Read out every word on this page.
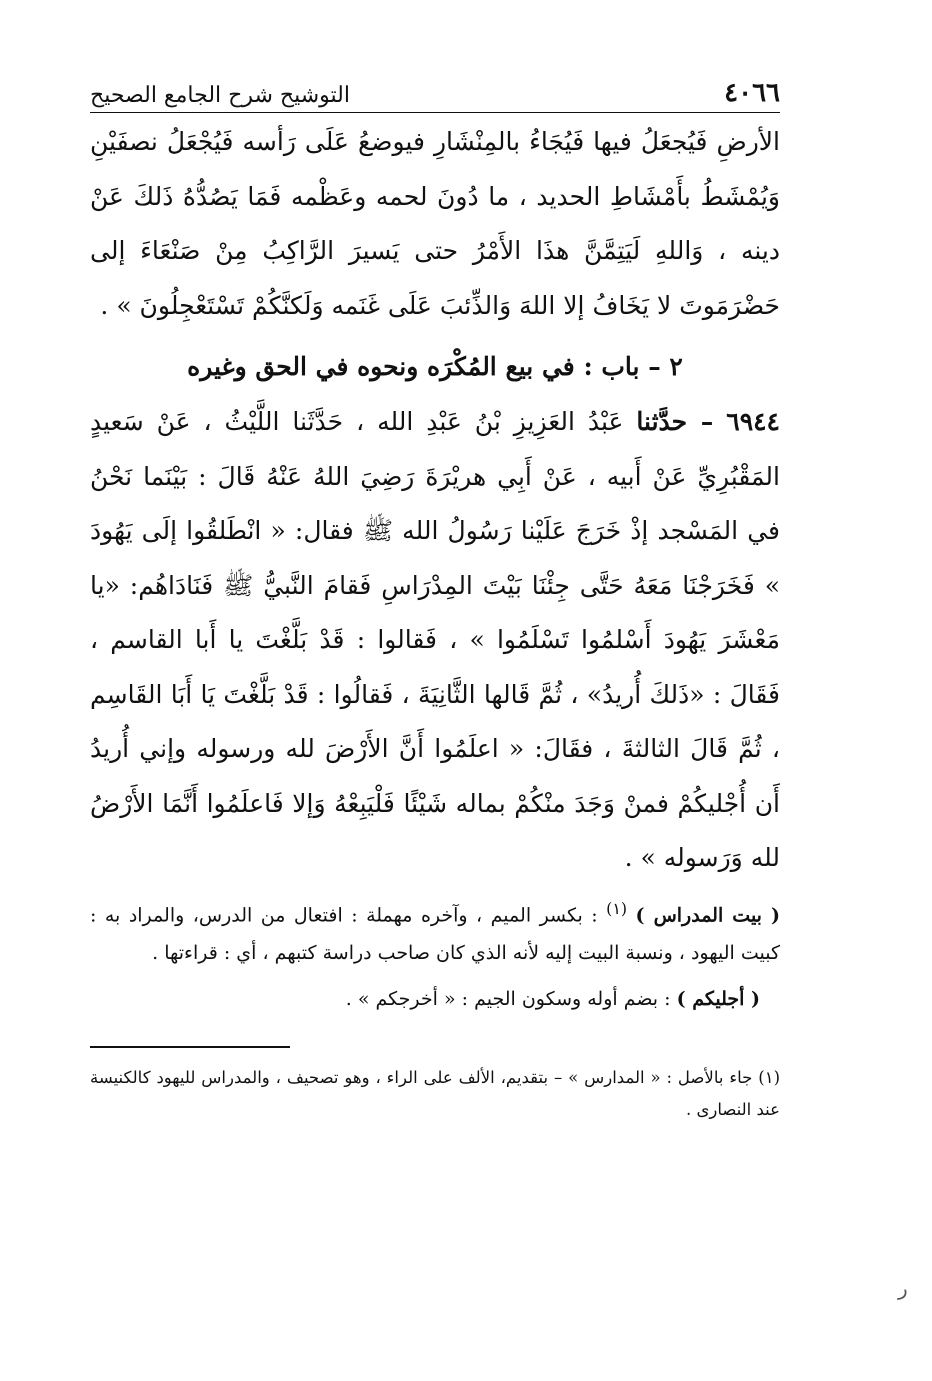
٤٠٦٦
التوشيح شرح الجامع الصحيح

الأرضِ فَيُجعَلُ فيها فَيُجَاءُ بالمِنْشَارِ فيوضعُ عَلَى رَأسه فَيُجْعَلُ نصفَيْنِ وَيُمْشَطُ بأَمْشَاطِ الحديد ، ما دُونَ لحمه وعَظْمه فَمَا يَصُدُّهُ ذَلكَ عَنْ دينه ، وَاللهِ لَيَتِمَّنَّ هذَا الأَمْرُ حتى يَسيرَ الرَّاكِبُ مِنْ صَنْعَاءَ إلى حَضْرَمَوتَ لا يَخَافُ إلا اللهَ وَالذِّئبَ عَلَى غَنَمه وَلَكنَّكُمْ تَسْتَعْجِلُونَ » .

٢ – باب : في بيع المُكْرَه ونحوه في الحق وغيره

٦٩٤٤ – حدَّثنا عَبْدُ العَزِيزِ بْنُ عَبْدِ الله ، حَدَّثَنا اللَّيْثُ ، عَنْ سَعيدٍ المَقْبُرِيِّ عَنْ أَبيه ، عَنْ أَبِي هريْرَةَ رَضِيَ اللهُ عَنْهُ قَالَ : بَيْنَما نَحْنُ في المَسْجد إذْ خَرَجَ عَلَيْنا رَسُولُ الله ﷺ فقال: « انْطَلقُوا إلَى يَهُودَ » فَخَرَجْنَا مَعَهُ حَتَّى جِئْنَا بَيْتَ المِدْرَاسِ فَقامَ النَّبيُّ ﷺ فَنَادَاهُم: «يا مَعْشَرَ يَهُودَ أَسْلمُوا تَسْلَمُوا » ، فَقالوا : قَدْ بَلَّغْتَ يا أَبا القاسم ، فَقَالَ : «ذَلكَ أُريدُ» ، ثُمَّ قَالها الثَّانِيَةَ ، فَقالُوا : قَدْ بَلَّغْتَ يَا أَبَا القَاسِم ، ثُمَّ قَالَ الثالثةَ ، فقَالَ: « اعلَمُوا أَنَّ الأَرْضَ لله ورسوله وإني أُريدُ أَن أُجْليكُمْ فمنْ وَجَدَ منْكُمْ بماله شَيْئًا فَلْيَبِعْهُ وَإلا فَاعلَمُوا أَنَّمَا الأَرْضُ لله وَرَسوله » .

( بيت المدراس ) $^{(١)}$ : بكسر الميم ، وآخره مهملة : افتعال من الدرس، والمراد به : كبيت اليهود ، ونسبة البيت إليه لأنه الذي كان صاحب دراسة كتبهم ، أي : قراءتها .

( أجليكم ) : بضم أوله وسكون الجيم : « أخرجكم » .

(١) جاء بالأصل : « المدارس » – بتقديم، الألف على الراء ، وهو تصحيف ، والمدراس لليهود كالكنيسة عند النصارى .
ﺭ
